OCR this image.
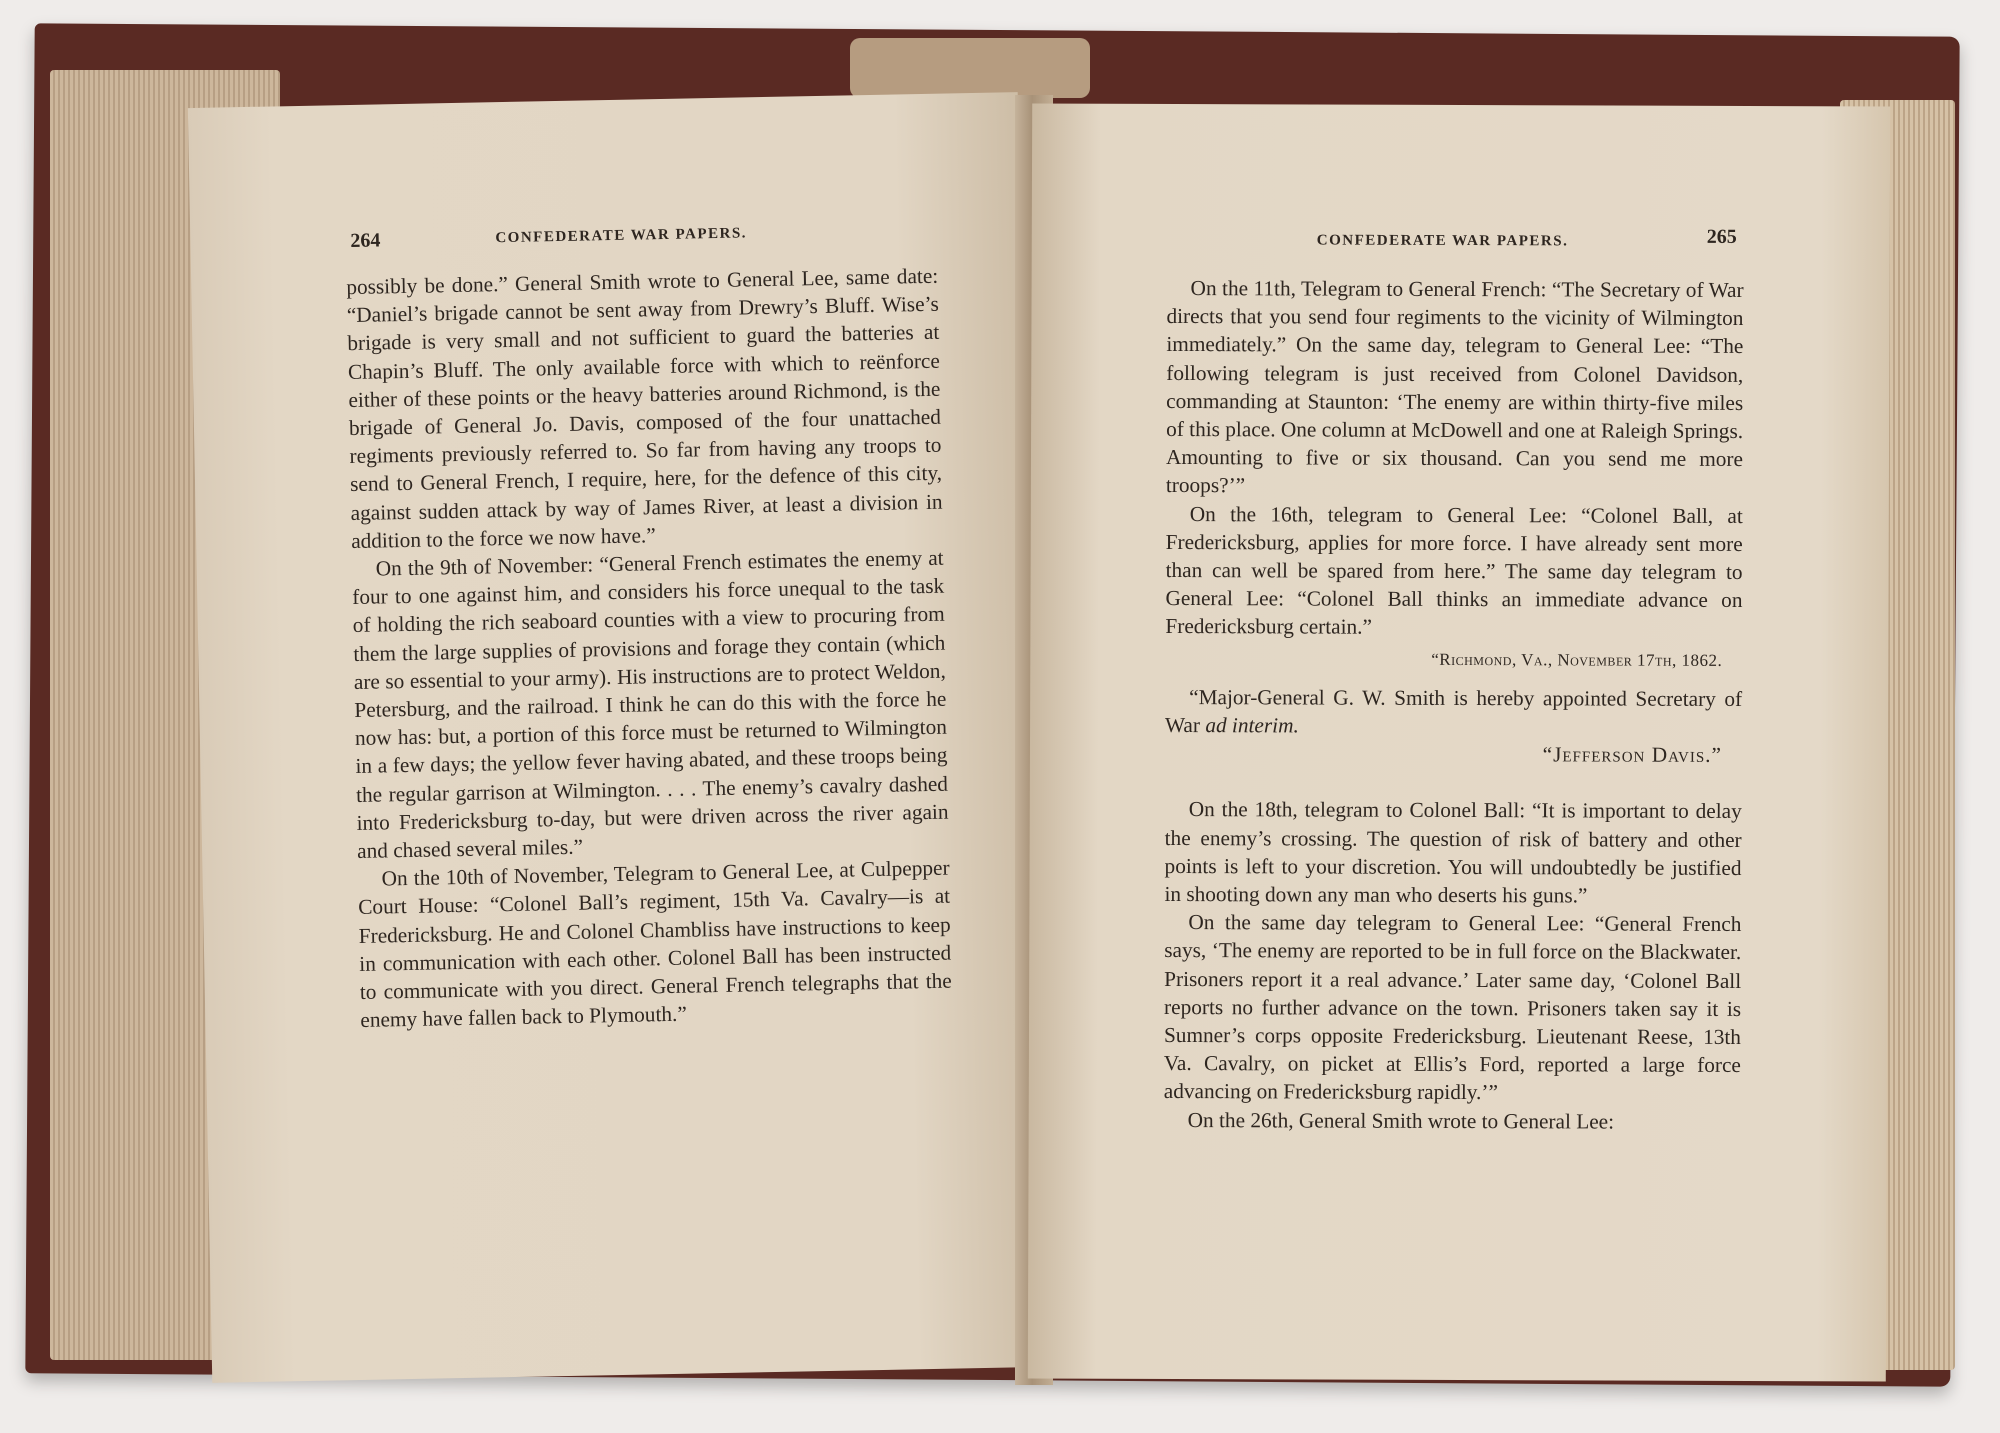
264	CONFEDERATE WAR PAPERS.

possibly be done.” General Smith wrote to General Lee, same date: “Daniel’s brigade cannot be sent away from Drewry’s Bluff. Wise’s brigade is very small and not sufficient to guard the batteries at Chapin’s Bluff. The only available force with which to reënforce either of these points or the heavy batteries around Richmond, is the brigade of General Jo. Davis, composed of the four unattached regiments previously referred to. So far from having any troops to send to General French, I require, here, for the defence of this city, against sudden attack by way of James River, at least a division in addition to the force we now have.”

On the 9th of November: “General French estimates the enemy at four to one against him, and considers his force unequal to the task of holding the rich seaboard counties with a view to procuring from them the large supplies of provisions and forage they contain (which are so essential to your army). His instructions are to protect Weldon, Petersburg, and the railroad. I think he can do this with the force he now has: but, a portion of this force must be returned to Wilmington in a few days; the yellow fever having abated, and these troops being the regular garrison at Wilmington. . . . The enemy’s cavalry dashed into Fredericksburg to-day, but were driven across the river again and chased several miles.”

On the 10th of November, Telegram to General Lee, at Culpepper Court House: “Colonel Ball’s regiment, 15th Va. Cavalry—is at Fredericksburg. He and Colonel Chambliss have instructions to keep in communication with each other. Colonel Ball has been instructed to communicate with you direct. General French telegraphs that the enemy have fallen back to Plymouth.”

CONFEDERATE WAR PAPERS.	265

On the 11th, Telegram to General French: “The Secretary of War directs that you send four regiments to the vicinity of Wilmington immediately.” On the same day, telegram to General Lee: “The following telegram is just received from Colonel Davidson, commanding at Staunton: ‘The enemy are within thirty-five miles of this place. One column at McDowell and one at Raleigh Springs. Amounting to five or six thousand. Can you send me more troops?’”

On the 16th, telegram to General Lee: “Colonel Ball, at Fredericksburg, applies for more force. I have already sent more than can well be spared from here.” The same day telegram to General Lee: “Colonel Ball thinks an immediate advance on Fredericksburg certain.”

“Richmond, Va., November 17th, 1862.

“Major-General G. W. Smith is hereby appointed Secretary of War ad interim.

“Jefferson Davis.”

On the 18th, telegram to Colonel Ball: “It is important to delay the enemy’s crossing. The question of risk of battery and other points is left to your discretion. You will undoubtedly be justified in shooting down any man who deserts his guns.”

On the same day telegram to General Lee: “General French says, ‘The enemy are reported to be in full force on the Blackwater. Prisoners report it a real advance.’ Later same day, ‘Colonel Ball reports no further advance on the town. Prisoners taken say it is Sumner’s corps opposite Fredericksburg. Lieutenant Reese, 13th Va. Cavalry, on picket at Ellis’s Ford, reported a large force advancing on Fredericksburg rapidly.’”

On the 26th, General Smith wrote to General Lee:
